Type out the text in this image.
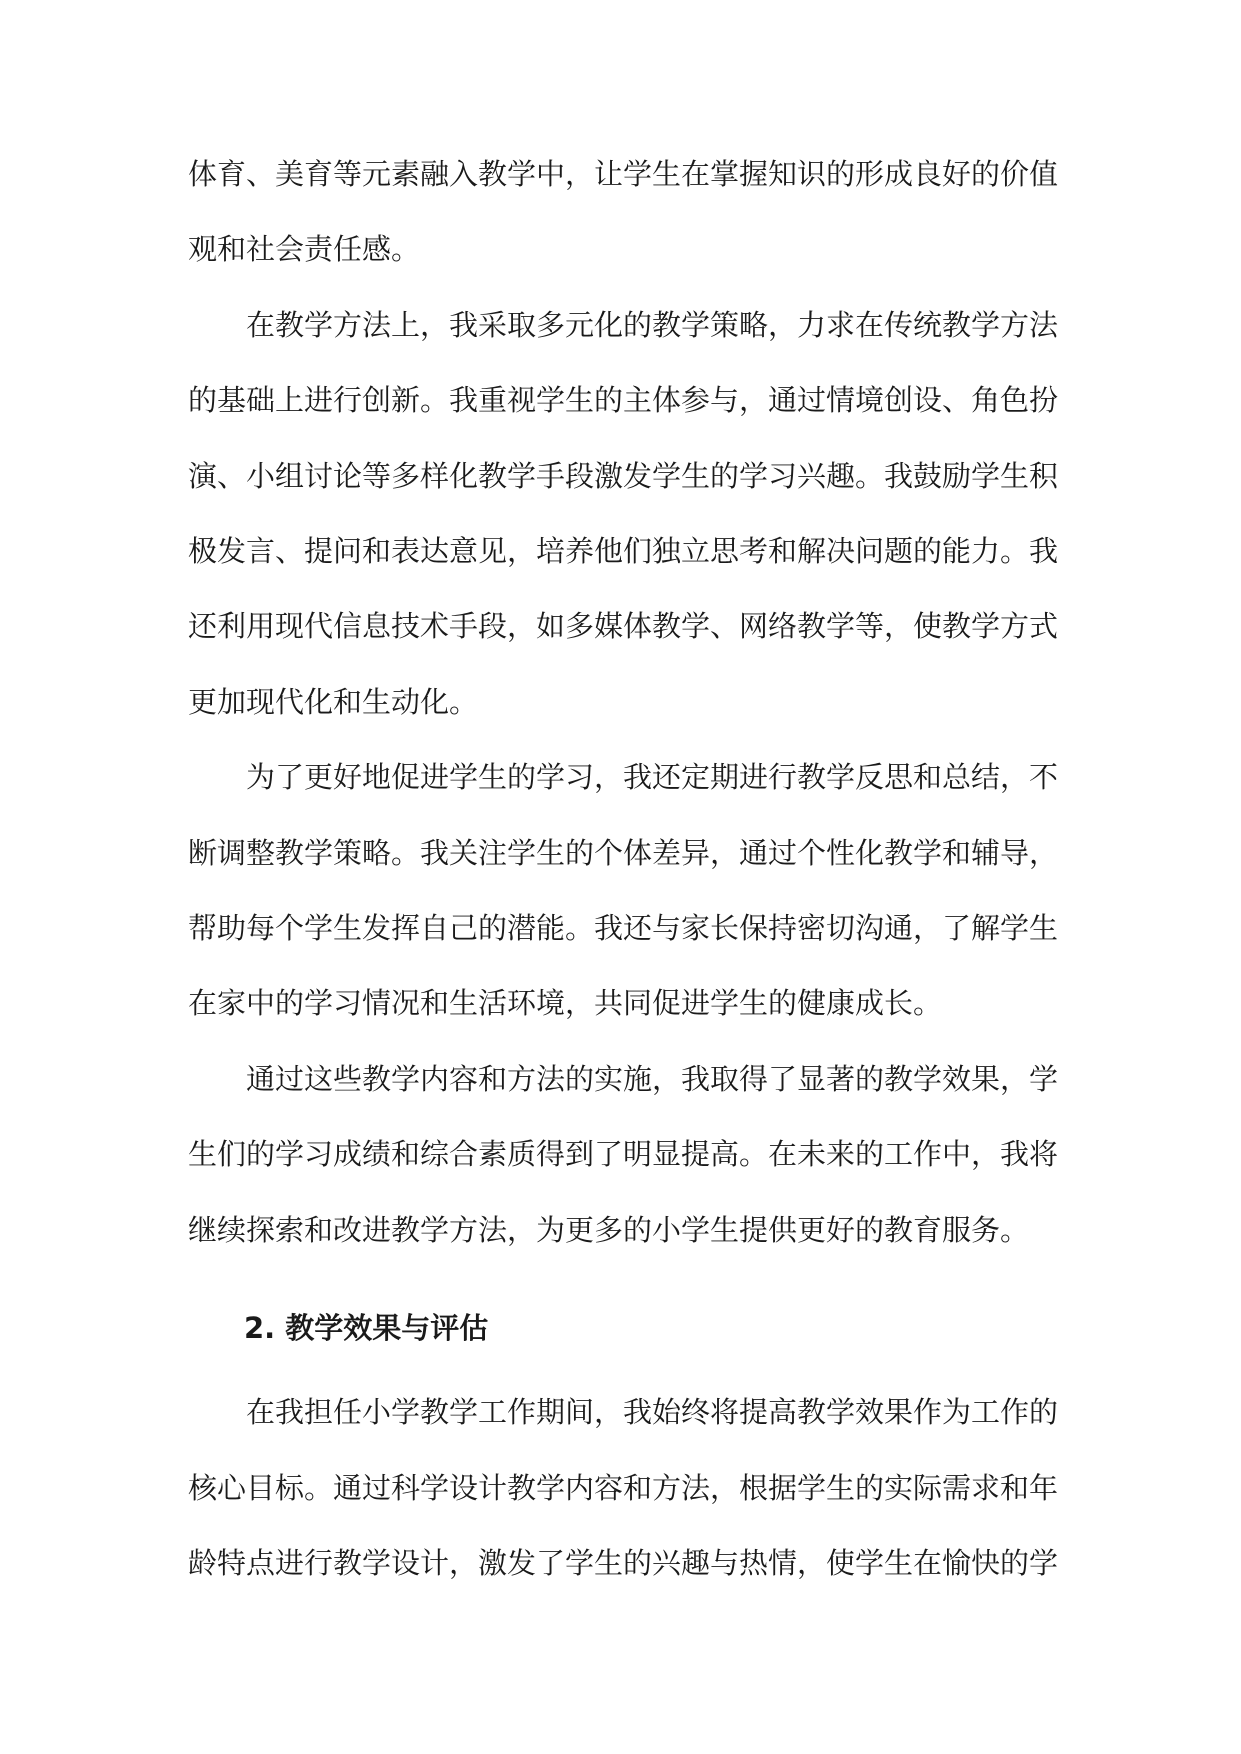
体育、美育等元素融入教学中，让学生在掌握知识的形成良好的价值
观和社会责任感。
在教学方法上，我采取多元化的教学策略，力求在传统教学方法
的基础上进行创新。我重视学生的主体参与，通过情境创设、角色扮
演、小组讨论等多样化教学手段激发学生的学习兴趣。我鼓励学生积
极发言、提问和表达意见，培养他们独立思考和解决问题的能力。我
还利用现代信息技术手段，如多媒体教学、网络教学等，使教学方式
更加现代化和生动化。
为了更好地促进学生的学习，我还定期进行教学反思和总结，不
断调整教学策略。我关注学生的个体差异，通过个性化教学和辅导，
帮助每个学生发挥自己的潜能。我还与家长保持密切沟通，了解学生
在家中的学习情况和生活环境，共同促进学生的健康成长。
通过这些教学内容和方法的实施，我取得了显著的教学效果，学
生们的学习成绩和综合素质得到了明显提高。在未来的工作中，我将
继续探索和改进教学方法，为更多的小学生提供更好的教育服务。
2. 教学效果与评估
在我担任小学教学工作期间，我始终将提高教学效果作为工作的
核心目标。通过科学设计教学内容和方法，根据学生的实际需求和年
龄特点进行教学设计，激发了学生的兴趣与热情，使学生在愉快的学
